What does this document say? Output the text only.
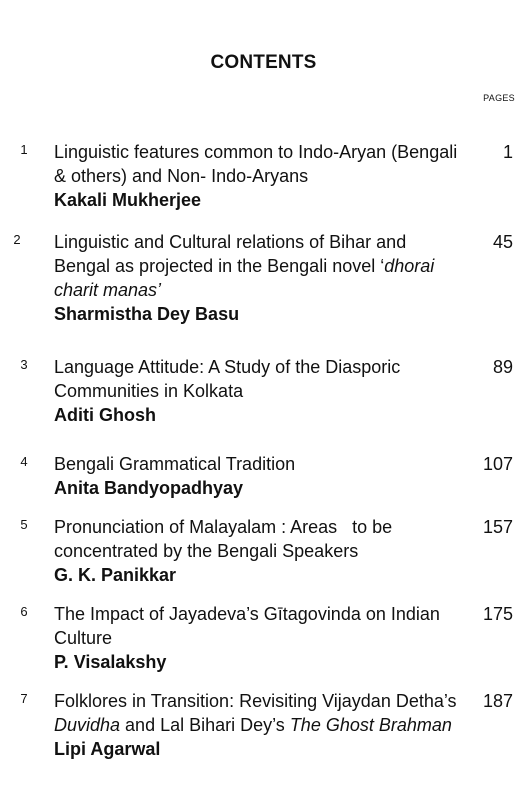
CONTENTS
PAGES
1 Linguistic features common to Indo-Aryan (Bengali & others) and Non- Indo-Aryans
Kakali Mukherjee
1
2 Linguistic and Cultural relations of Bihar and Bengal as projected in the Bengali novel ‘dhorai charit manas’
Sharmistha Dey Basu
45
3 Language Attitude: A Study of the Diasporic Communities in Kolkata
Aditi Ghosh
89
4 Bengali Grammatical Tradition
Anita Bandyopadhyay
107
5 Pronunciation of Malayalam : Areas   to be concentrated by the Bengali Speakers
G. K. Panikkar
157
6 The Impact of Jayadeva’s Gītagovinda on Indian Culture
P. Visalakshy
175
7 Folklores in Transition: Revisiting Vijaydan Detha’s Duvidha and Lal Bihari Dey’s The Ghost Brahman
Lipi Agarwal
187
